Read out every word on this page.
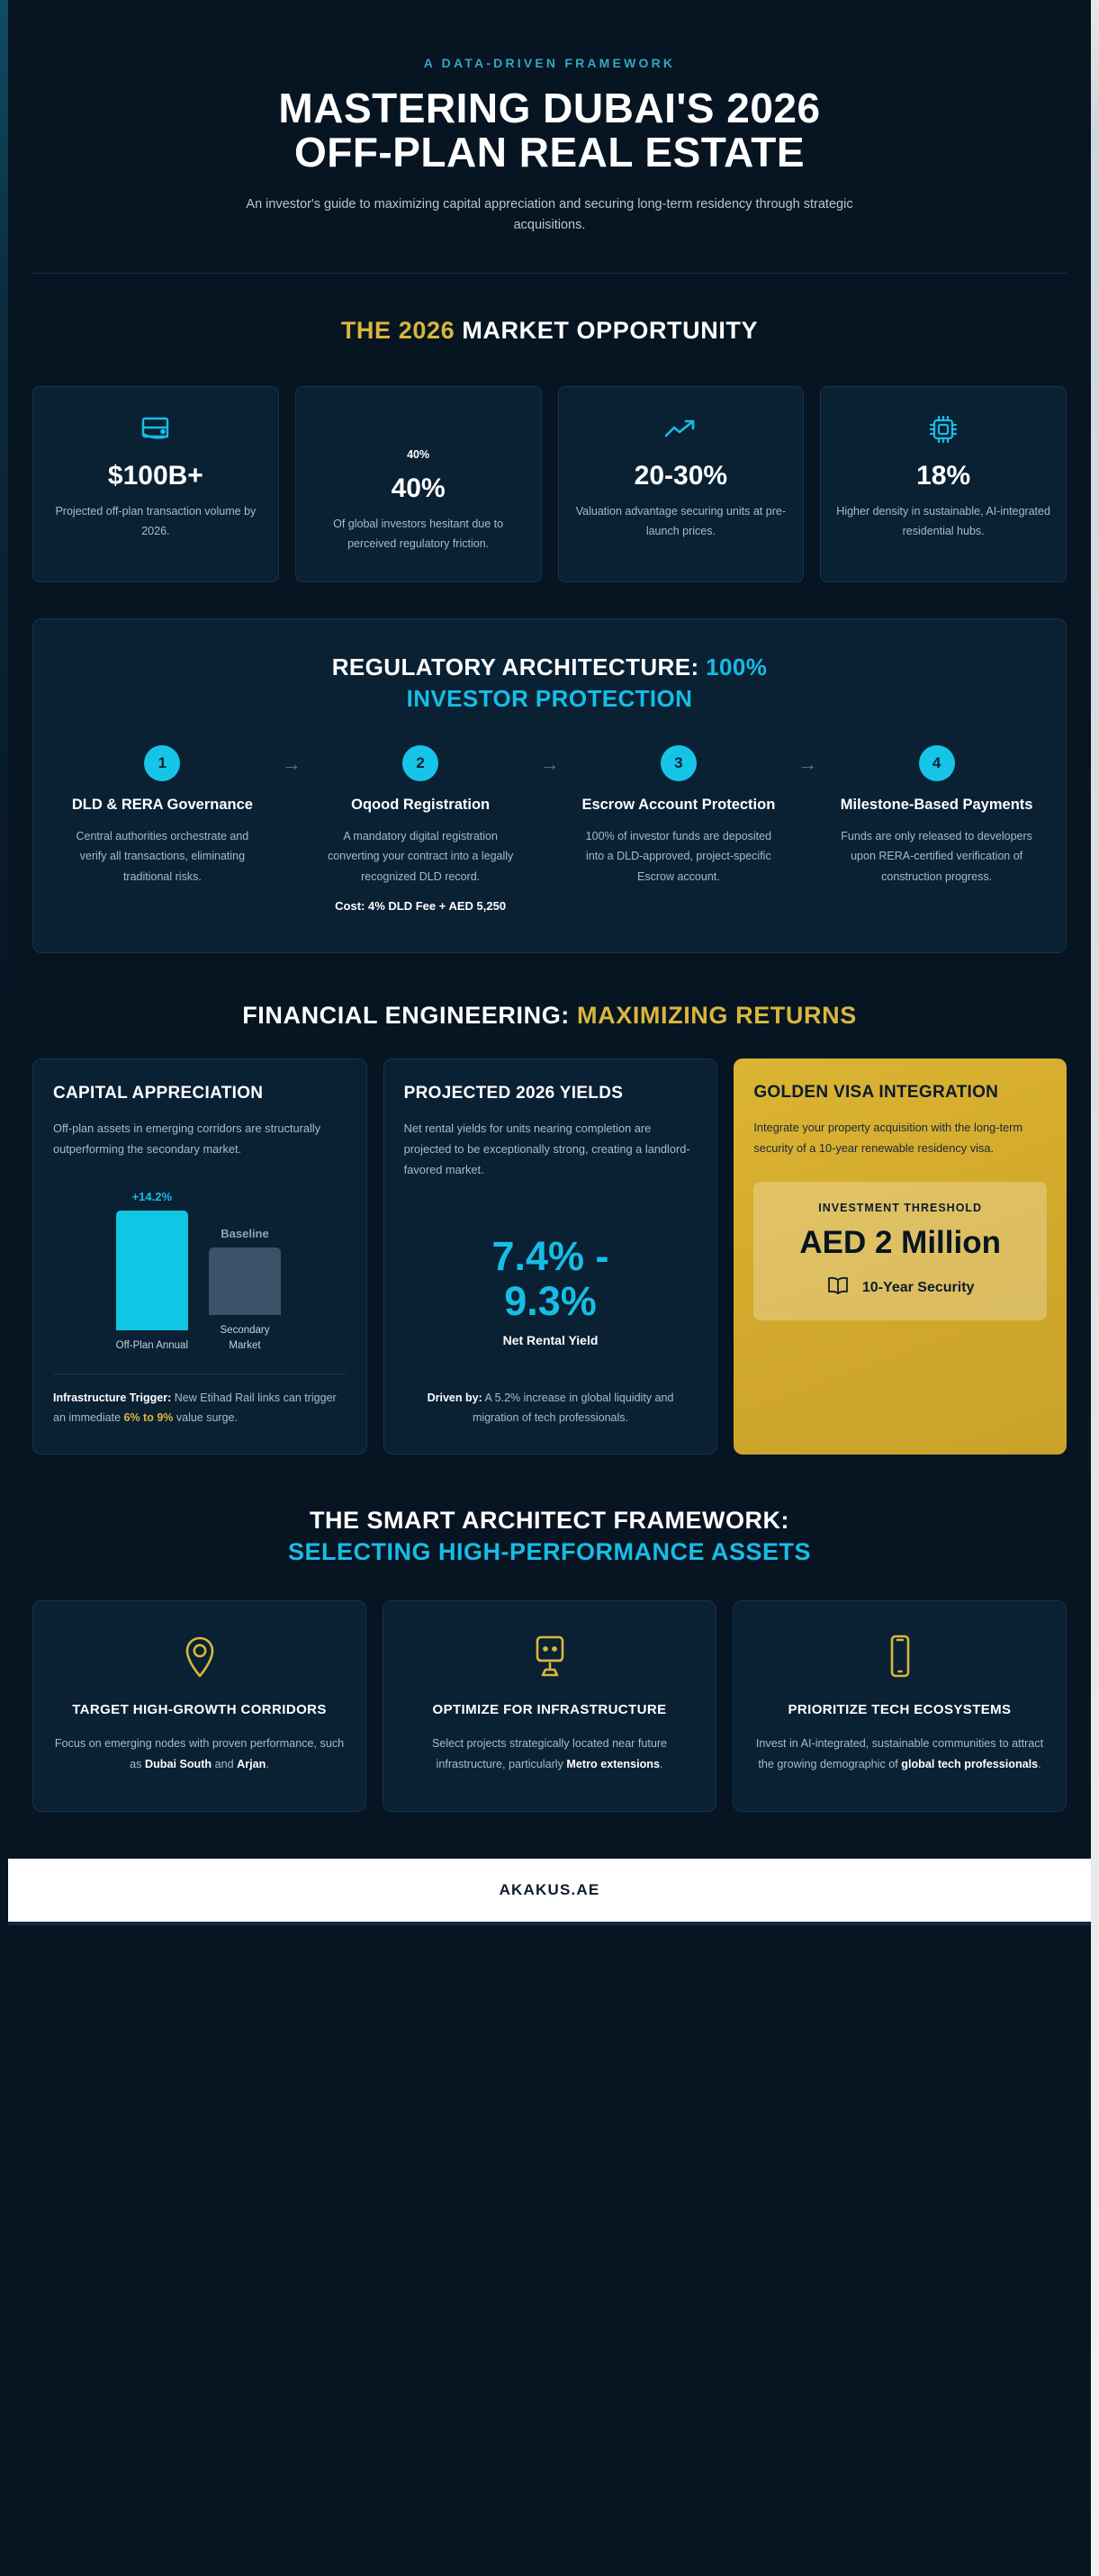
A DATA-DRIVEN FRAMEWORK
MASTERING DUBAI'S 2026
OFF-PLAN REAL ESTATE
An investor's guide to maximizing capital appreciation and securing long-term residency through strategic acquisitions.
THE 2026 MARKET OPPORTUNITY
$100B+
Projected off-plan transaction volume by 2026.
40%
40%
Of global investors hesitant due to perceived regulatory friction.
20-30%
Valuation advantage securing units at pre-launch prices.
18%
Higher density in sustainable, AI-integrated residential hubs.
REGULATORY ARCHITECTURE: 100%
INVESTOR PROTECTION
1
DLD & RERA Governance
Central authorities orchestrate and verify all transactions, eliminating traditional risks.
→	2
Oqood Registration
A mandatory digital registration converting your contract into a legally recognized DLD record.
Cost: 4% DLD Fee + AED 5,250
→	3
Escrow Account Protection
100% of investor funds are deposited into a DLD-approved, project-specific Escrow account.
→	4
Milestone-Based Payments
Funds are only released to developers upon RERA-certified verification of construction progress.
FINANCIAL ENGINEERING: MAXIMIZING RETURNS
CAPITAL APPRECIATION

Off-plan assets in emerging corridors are structurally outperforming the secondary market.

+14.2%
Off-Plan Annual
Baseline
Secondary Market
Infrastructure Trigger: New Etihad Rail links can trigger an immediate 6% to 9% value surge.
PROJECTED 2026 YIELDS

Net rental yields for units nearing completion are projected to be exceptionally strong, creating a landlord-favored market.

7.4% -
9.3%
Net Rental Yield
Driven by: A 5.2% increase in global liquidity and migration of tech professionals.
GOLDEN VISA INTEGRATION

Integrate your property acquisition with the long-term security of a 10-year renewable residency visa.

INVESTMENT THRESHOLD
AED 2 Million
10-Year Security
THE SMART ARCHITECT FRAMEWORK:
SELECTING HIGH-PERFORMANCE ASSETS
TARGET HIGH-GROWTH CORRIDORS

Focus on emerging nodes with proven performance, such as Dubai South and Arjan.

OPTIMIZE FOR INFRASTRUCTURE

Select projects strategically located near future infrastructure, particularly Metro extensions.

PRIORITIZE TECH ECOSYSTEMS

Invest in AI-integrated, sustainable communities to attract the growing demographic of global tech professionals.

AKAKUS.AE
